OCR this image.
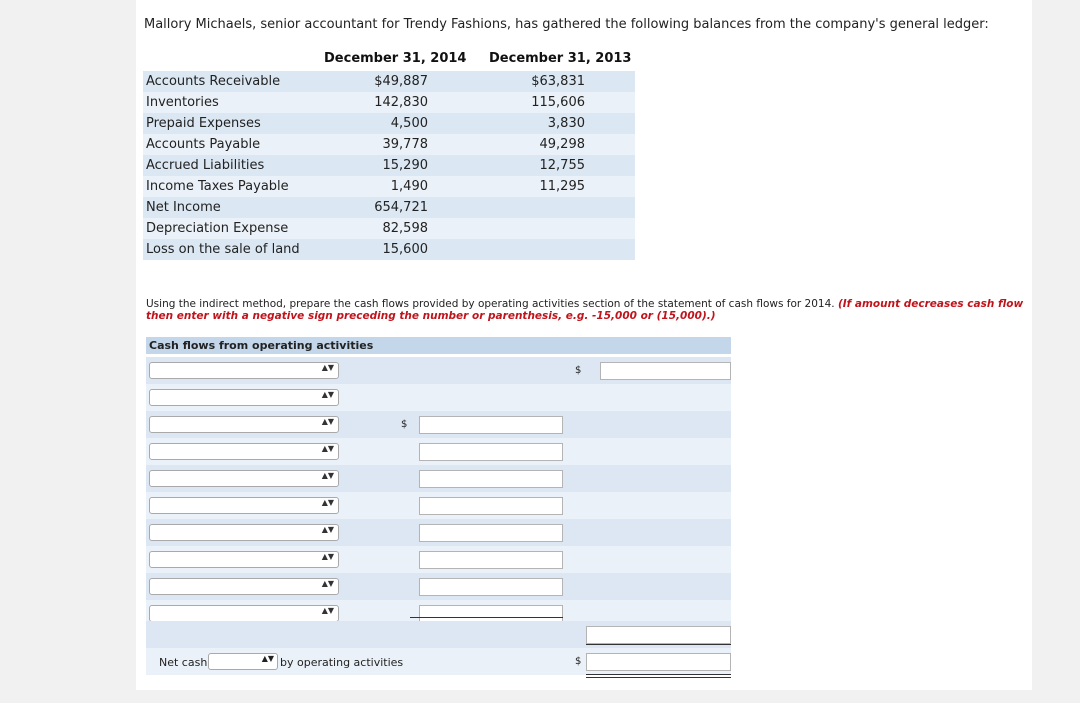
Mallory Michaels, senior accountant for Trendy Fashions, has gathered the following balances from the company's general ledger:
December 31, 2014 December 31, 2013
Accounts Receivable	$49,887	$63,831
Inventories	142,830	115,606
Prepaid Expenses	4,500	3,830
Accounts Payable	39,778	49,298
Accrued Liabilities	15,290	12,755
Income Taxes Payable	1,490	11,295
Net Income	654,721
Depreciation Expense	82,598
Loss on the sale of land	15,600
Using the indirect method, prepare the cash flows provided by operating activities section of the statement of cash flows for 2014. (If amount decreases cash flow then enter with a negative sign preceding the number or parenthesis, e.g. -15,000 or (15,000).)
Cash flows from operating activities
▲▼	$
▲▼
▲▼	$
▲▼
▲▼
▲▼
▲▼
▲▼
▲▼
▲▼
Net cash	▲▼ by operating activities	$
